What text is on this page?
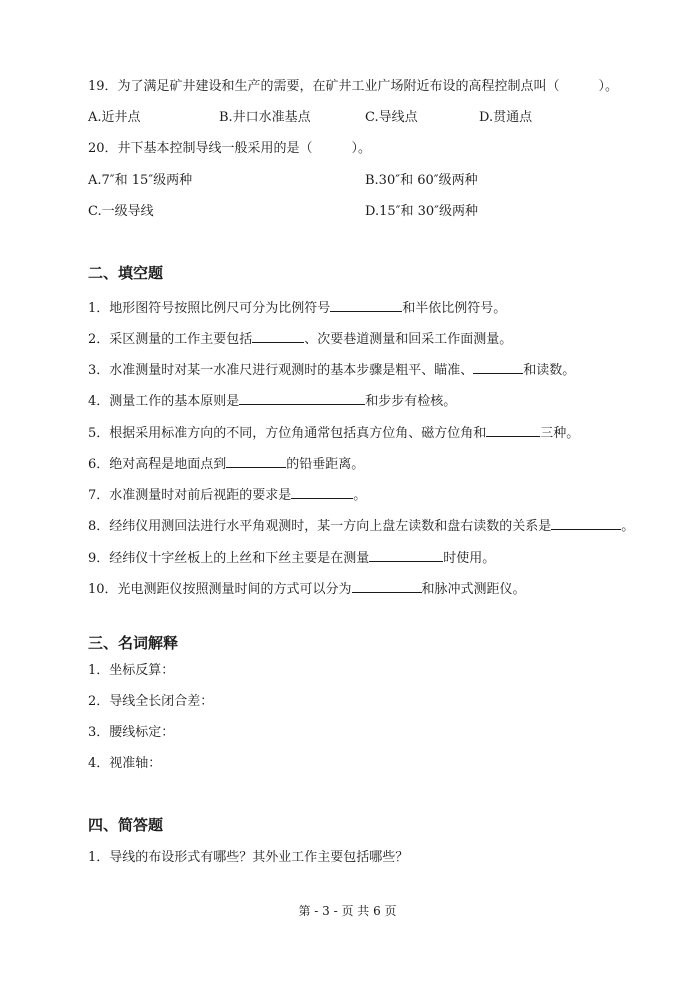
19．为了满足矿井建设和生产的需要，在矿井工业广场附近布设的高程控制点叫（　　　）。
A.近井点	B.井口水准基点	C.导线点	D.贯通点
20．井下基本控制导线一般采用的是（　　　）。
A.7″和 15″级两种	B.30″和 60″级两种
C.一级导线	D.15″和 30″级两种
二、填空题
1．地形图符号按照比例尺可分为比例符号	和半依比例符号。
2．采区测量的工作主要包括	、次要巷道测量和回采工作面测量。
3．水准测量时对某一水准尺进行观测时的基本步骤是粗平、瞄准、	和读数。
4．测量工作的基本原则是	和步步有检核。
5．根据采用标准方向的不同，方位角通常包括真方位角、磁方位角和	三种。
6．绝对高程是地面点到	的铅垂距离。
7．水准测量时对前后视距的要求是	。
8．经纬仪用测回法进行水平角观测时，某一方向上盘左读数和盘右读数的关系是	。
9．经纬仪十字丝板上的上丝和下丝主要是在测量	时使用。
10．光电测距仪按照测量时间的方式可以分为	和脉冲式测距仪。
三、名词解释
1．坐标反算：
2．导线全长闭合差：
3．腰线标定：
4．视准轴：
四、简答题
1．导线的布设形式有哪些？其外业工作主要包括哪些？
第 - 3 - 页 共 6 页
